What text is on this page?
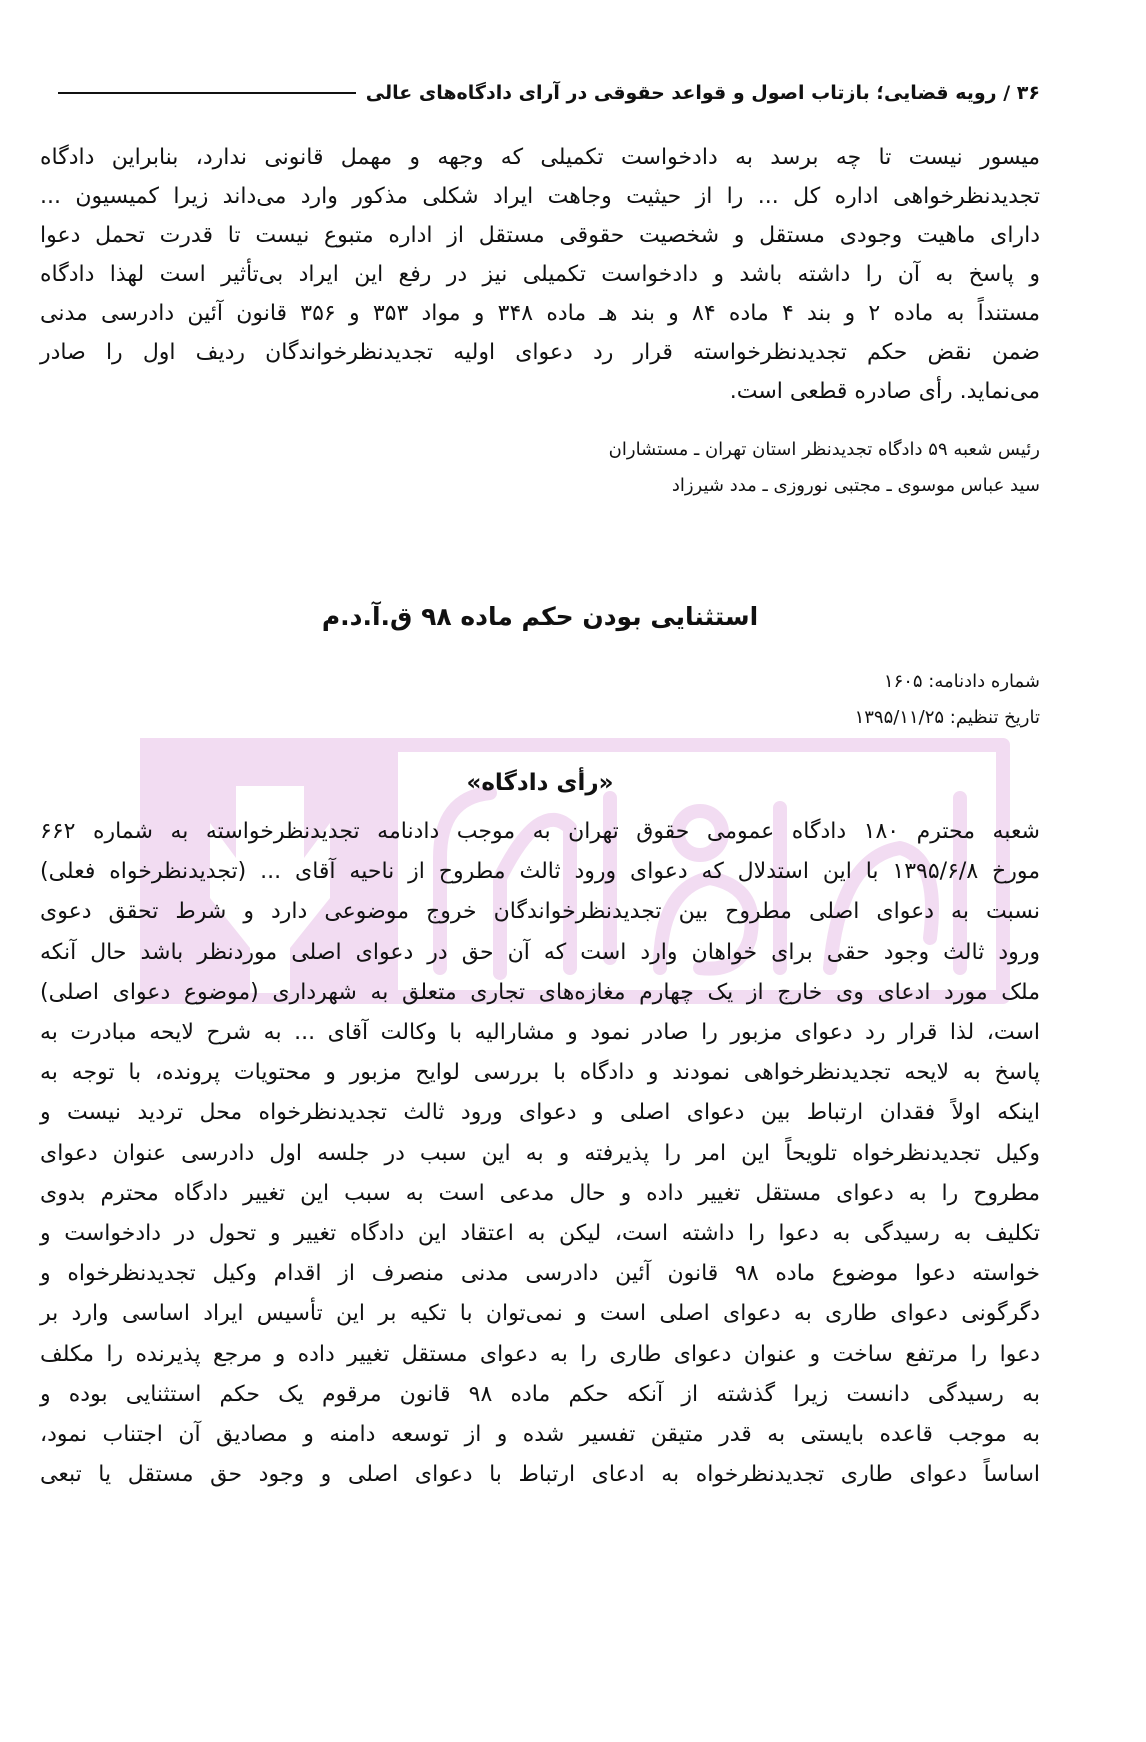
۳۶ / رویه قضایی؛ بازتاب اصول و قواعد حقوقی در آرای دادگاه‌های عالی
میسور نیست تا چه برسد به دادخواست تکمیلی که وجهه و مهمل قانونی ندارد، بنابراین دادگاه
تجدیدنظرخواهی اداره کل ... را از حیثیت وجاهت ایراد شکلی مذکور وارد می‌داند زیرا کمیسیون ...
دارای ماهیت وجودی مستقل و شخصیت حقوقی مستقل از اداره متبوع نیست تا قدرت تحمل دعوا
و پاسخ به آن را داشته باشد و دادخواست تکمیلی نیز در رفع این ایراد بی‌تأثیر است لهذا دادگاه
مستنداً به ماده ۲ و بند ۴ ماده ۸۴ و بند هـ ماده ۳۴۸ و مواد ۳۵۳ و ۳۵۶ قانون آئین دادرسی مدنی
ضمن نقض حکم تجدیدنظرخواسته قرار رد دعوای اولیه تجدیدنظرخواندگان ردیف اول را صادر
می‌نماید. رأی صادره قطعی است.
رئیس شعبه ۵۹ دادگاه تجدیدنظر استان تهران ـ مستشاران
سید عباس موسوی ـ مجتبی نوروزی ـ مدد شیرزاد
استثنایی بودن حکم ماده ۹۸ ق.آ.د.م
شماره دادنامه: ۱۶۰۵
تاریخ تنظیم: ۱۳۹۵/۱۱/۲۵
«رأی دادگاه»
شعبه محترم ۱۸۰ دادگاه عمومی حقوق تهران به موجب دادنامه تجدیدنظرخواسته به شماره ۶۶۲
مورخ ۱۳۹۵/۶/۸ با این استدلال که دعوای ورود ثالث مطروح از ناحیه آقای ... (تجدیدنظرخواه فعلی)
نسبت به دعوای اصلی مطروح بین تجدیدنظرخواندگان خروج موضوعی دارد و شرط تحقق دعوی
ورود ثالث وجود حقی برای خواهان وارد است که آن حق در دعوای اصلی موردنظر باشد حال آنکه
ملک مورد ادعای وی خارج از یک چهارم مغازه‌های تجاری متعلق به شهرداری (موضوع دعوای اصلی)
است، لذا قرار رد دعوای مزبور را صادر نمود و مشارالیه با وکالت آقای ... به شرح لایحه مبادرت به
پاسخ به لایحه تجدیدنظرخواهی نمودند و دادگاه با بررسی لوایح مزبور و محتویات پرونده، با توجه به
اینکه اولاً فقدان ارتباط بین دعوای اصلی و دعوای ورود ثالث تجدیدنظرخواه محل تردید نیست و
وکیل تجدیدنظرخواه تلویحاً این امر را پذیرفته و به این سبب در جلسه اول دادرسی عنوان دعوای
مطروح را به دعوای مستقل تغییر داده و حال مدعی است به سبب این تغییر دادگاه محترم بدوی
تکلیف به رسیدگی به دعوا را داشته است، لیکن به اعتقاد این دادگاه تغییر و تحول در دادخواست و
خواسته دعوا موضوع ماده ۹۸ قانون آئین دادرسی مدنی منصرف از اقدام وکیل تجدیدنظرخواه و
دگرگونی دعوای طاری به دعوای اصلی است و نمی‌توان با تکیه بر این تأسیس ایراد اساسی وارد بر
دعوا را مرتفع ساخت و عنوان دعوای طاری را به دعوای مستقل تغییر داده و مرجع پذیرنده را مکلف
به رسیدگی دانست زیرا گذشته از آنکه حکم ماده ۹۸ قانون مرقوم یک حکم استثنایی بوده و
به موجب قاعده بایستی به قدر متیقن تفسیر شده و از توسعه دامنه و مصادیق آن اجتناب نمود،
اساساً دعوای طاری تجدیدنظرخواه به ادعای ارتباط با دعوای اصلی و وجود حق مستقل یا تبعی
